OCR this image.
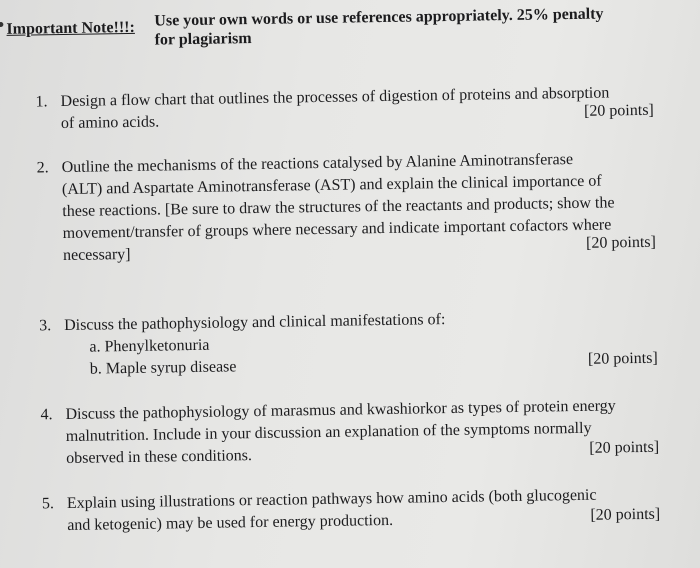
Important Note!!!: Use your own words or use references appropriately. 25% penalty
for plagiarism
1. Design a flow chart that outlines the processes of digestion of proteins and absorption
of amino acids.
[20 points]
2. Outline the mechanisms of the reactions catalysed by Alanine Aminotransferase
(ALT) and Aspartate Aminotransferase (AST) and explain the clinical importance of
these reactions. [Be sure to draw the structures of the reactants and products; show the
movement/transfer of groups where necessary and indicate important cofactors where
necessary]
[20 points]
3. Discuss the pathophysiology and clinical manifestations of:
a. Phenylketonuria
b. Maple syrup disease	[20 points]
4. Discuss the pathophysiology of marasmus and kwashiorkor as types of protein energy
malnutrition. Include in your discussion an explanation of the symptoms normally
observed in these conditions.	[20 points]
5. Explain using illustrations or reaction pathways how amino acids (both glucogenic
and ketogenic) may be used for energy production.	[20 points]
